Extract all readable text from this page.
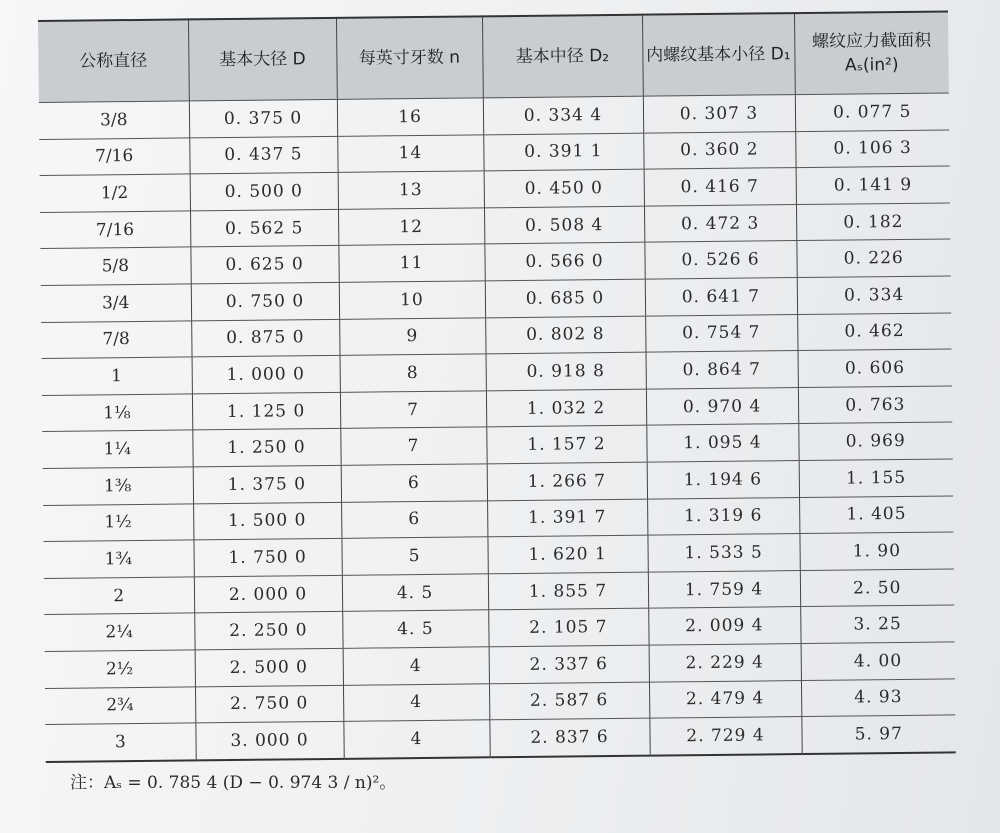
公称直径	基本大径 D	每英寸牙数 n	基本中径 D₂	内螺纹基本小径 D₁	螺纹应力截面积 Aₛ(in²)
3/8	0. 375 0	16	0. 334 4	0. 307 3	0. 077 5
7/16	0. 437 5	14	0. 391 1	0. 360 2	0. 106 3
1/2	0. 500 0	13	0. 450 0	0. 416 7	0. 141 9
7/16	0. 562 5	12	0. 508 4	0. 472 3	0. 182
5/8	0. 625 0	11	0. 566 0	0. 526 6	0. 226
3/4	0. 750 0	10	0. 685 0	0. 641 7	0. 334
7/8	0. 875 0	9	0. 802 8	0. 754 7	0. 462
1	1. 000 0	8	0. 918 8	0. 864 7	0. 606
1⅛	1. 125 0	7	1. 032 2	0. 970 4	0. 763
1¼	1. 250 0	7	1. 157 2	1. 095 4	0. 969
1⅜	1. 375 0	6	1. 266 7	1. 194 6	1. 155
1½	1. 500 0	6	1. 391 7	1. 319 6	1. 405
1¾	1. 750 0	5	1. 620 1	1. 533 5	1. 90
2	2. 000 0	4. 5	1. 855 7	1. 759 4	2. 50
2¼	2. 250 0	4. 5	2. 105 7	2. 009 4	3. 25
2½	2. 500 0	4	2. 337 6	2. 229 4	4. 00
2¾	2. 750 0	4	2. 587 6	2. 479 4	4. 93
3	3. 000 0	4	2. 837 6	2. 729 4	5. 97
注：Aₛ = 0. 785 4 (D − 0. 974 3 / n)²。
